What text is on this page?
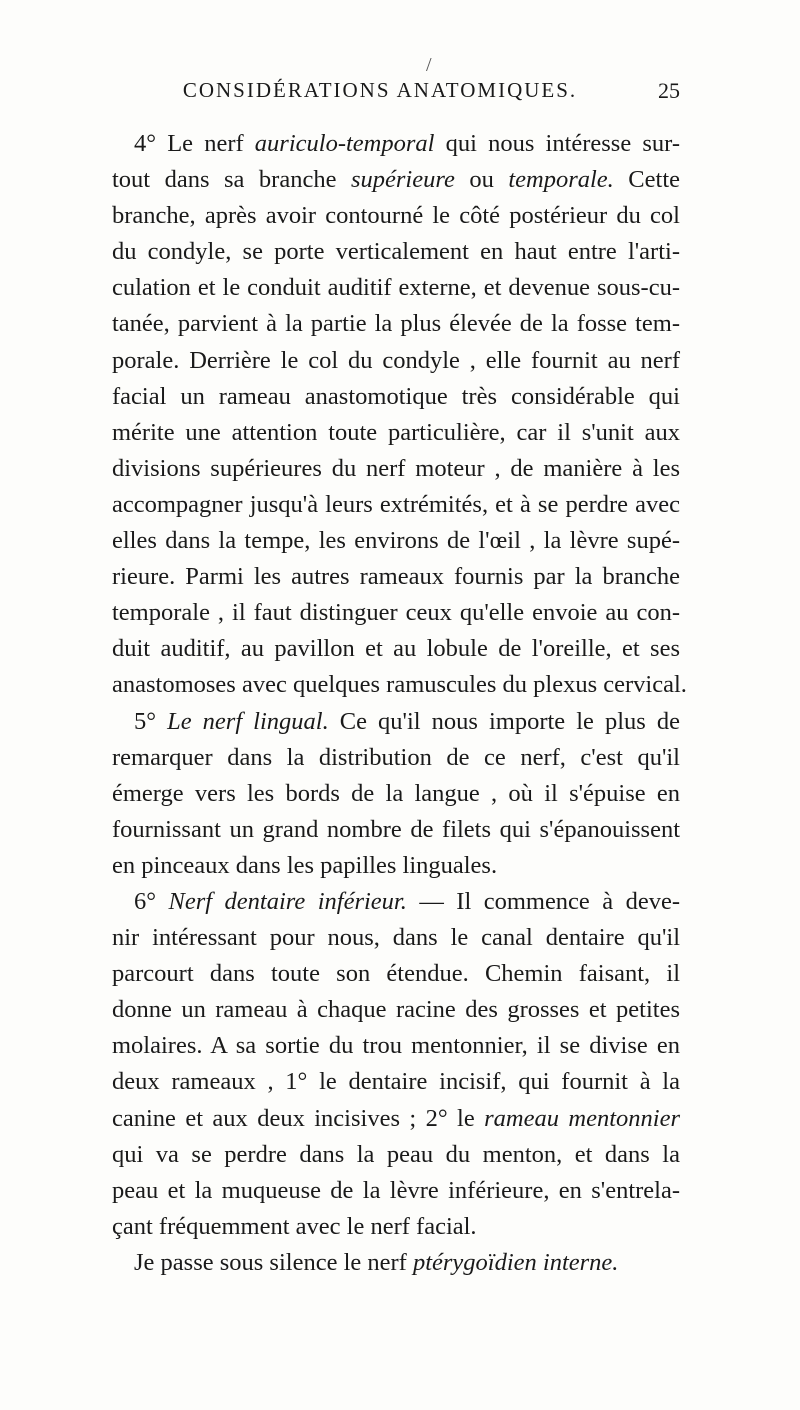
/
CONSIDÉRATIONS ANATOMIQUES.	25
4° Le nerf auriculo-temporal qui nous intéresse sur-
tout dans sa branche supérieure ou temporale. Cette
branche, après avoir contourné le côté postérieur du col
du condyle, se porte verticalement en haut entre l'arti-
culation et le conduit auditif externe, et devenue sous-cu-
tanée, parvient à la partie la plus élevée de la fosse tem-
porale. Derrière le col du condyle , elle fournit au nerf
facial un rameau anastomotique très considérable qui
mérite une attention toute particulière, car il s'unit aux
divisions supérieures du nerf moteur , de manière à les
accompagner jusqu'à leurs extrémités, et à se perdre avec
elles dans la tempe, les environs de l'œil , la lèvre supé-
rieure. Parmi les autres rameaux fournis par la branche
temporale , il faut distinguer ceux qu'elle envoie au con-
duit auditif, au pavillon et au lobule de l'oreille, et ses
anastomoses avec quelques ramuscules du plexus cervical.
5° Le nerf lingual. Ce qu'il nous importe le plus de
remarquer dans la distribution de ce nerf, c'est qu'il
émerge vers les bords de la langue , où il s'épuise en
fournissant un grand nombre de filets qui s'épanouissent
en pinceaux dans les papilles linguales.
6° Nerf dentaire inférieur. — Il commence à deve-
nir intéressant pour nous, dans le canal dentaire qu'il
parcourt dans toute son étendue. Chemin faisant, il
donne un rameau à chaque racine des grosses et petites
molaires. A sa sortie du trou mentonnier, il se divise en
deux rameaux , 1° le dentaire incisif, qui fournit à la
canine et aux deux incisives ; 2° le rameau mentonnier
qui va se perdre dans la peau du menton, et dans la
peau et la muqueuse de la lèvre inférieure, en s'entrela-
çant fréquemment avec le nerf facial.
Je passe sous silence le nerf ptérygoïdien interne.
